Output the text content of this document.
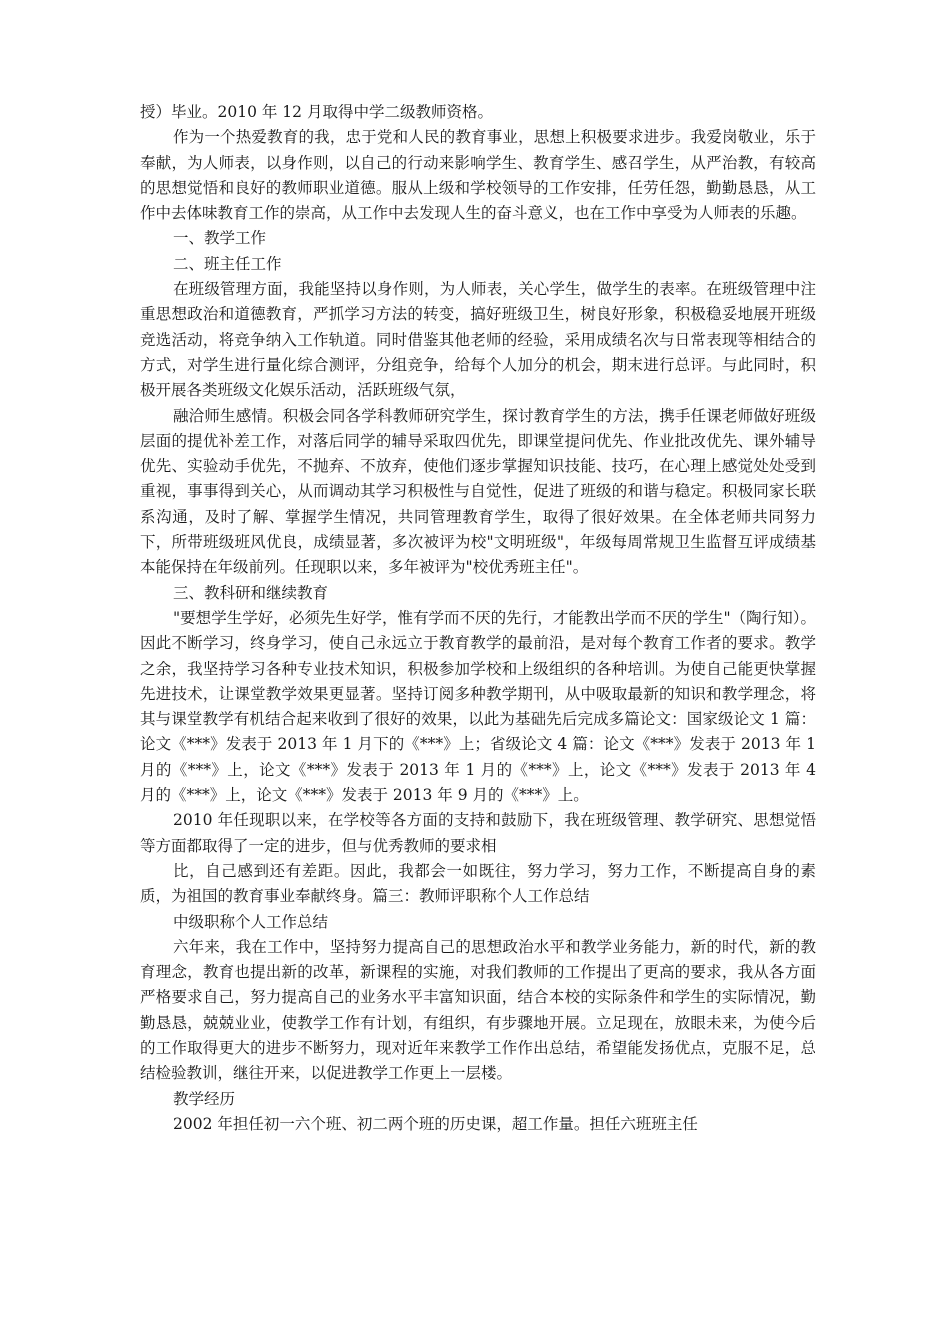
授）毕业。2010 年 12 月取得中学二级教师资格。

作为一个热爱教育的我，忠于党和人民的教育事业，思想上积极要求进步。我爱岗敬业，乐于奉献，为人师表，以身作则，以自己的行动来影响学生、教育学生、感召学生，从严治教，有较高的思想觉悟和良好的教师职业道德。服从上级和学校领导的工作安排，任劳任怨，勤勤恳恳，从工作中去体味教育工作的崇高，从工作中去发现人生的奋斗意义，也在工作中享受为人师表的乐趣。

一、教学工作

二、班主任工作

在班级管理方面，我能坚持以身作则，为人师表，关心学生，做学生的表率。在班级管理中注重思想政治和道德教育，严抓学习方法的转变，搞好班级卫生，树良好形象，积极稳妥地展开班级竞选活动，将竞争纳入工作轨道。同时借鉴其他老师的经验，采用成绩名次与日常表现等相结合的方式，对学生进行量化综合测评，分组竞争，给每个人加分的机会，期末进行总评。与此同时，积极开展各类班级文化娱乐活动，活跃班级气氛，

融洽师生感情。积极会同各学科教师研究学生，探讨教育学生的方法，携手任课老师做好班级层面的提优补差工作，对落后同学的辅导采取四优先，即课堂提问优先、作业批改优先、课外辅导优先、实验动手优先，不抛弃、不放弃，使他们逐步掌握知识技能、技巧，在心理上感觉处处受到重视，事事得到关心，从而调动其学习积极性与自觉性，促进了班级的和谐与稳定。积极同家长联系沟通，及时了解、掌握学生情况，共同管理教育学生，取得了很好效果。在全体老师共同努力下，所带班级班风优良，成绩显著，多次被评为校"文明班级"，年级每周常规卫生监督互评成绩基本能保持在年级前列。任现职以来，多年被评为"校优秀班主任"。

三、教科研和继续教育

"要想学生学好，必须先生好学，惟有学而不厌的先行，才能教出学而不厌的学生"（陶行知）。因此不断学习，终身学习，使自己永远立于教育教学的最前沿，是对每个教育工作者的要求。教学之余，我坚持学习各种专业技术知识，积极参加学校和上级组织的各种培训。为使自己能更快掌握先进技术，让课堂教学效果更显著。坚持订阅多种教学期刊，从中吸取最新的知识和教学理念，将其与课堂教学有机结合起来收到了很好的效果，以此为基础先后完成多篇论文：国家级论文 1 篇：论文《***》发表于 2013 年 1 月下的《***》上；省级论文 4 篇：论文《***》发表于 2013 年 1 月的《***》上，论文《***》发表于 2013 年 1 月的《***》上，论文《***》发表于 2013 年 4 月的《***》上，论文《***》发表于 2013 年 9 月的《***》上。

2010 年任现职以来，在学校等各方面的支持和鼓励下，我在班级管理、教学研究、思想觉悟等方面都取得了一定的进步，但与优秀教师的要求相

比，自己感到还有差距。因此，我都会一如既往，努力学习，努力工作，不断提高自身的素质，为祖国的教育事业奉献终身。篇三：教师评职称个人工作总结

中级职称个人工作总结

六年来，我在工作中，坚持努力提高自己的思想政治水平和教学业务能力，新的时代，新的教育理念，教育也提出新的改革，新课程的实施，对我们教师的工作提出了更高的要求，我从各方面严格要求自己，努力提高自己的业务水平丰富知识面，结合本校的实际条件和学生的实际情况，勤勤恳恳，兢兢业业，使教学工作有计划，有组织，有步骤地开展。立足现在，放眼未来，为使今后的工作取得更大的进步不断努力，现对近年来教学工作作出总结，希望能发扬优点，克服不足，总结检验教训，继往开来，以促进教学工作更上一层楼。

教学经历

2002 年担任初一六个班、初二两个班的历史课，超工作量。担任六班班主任
